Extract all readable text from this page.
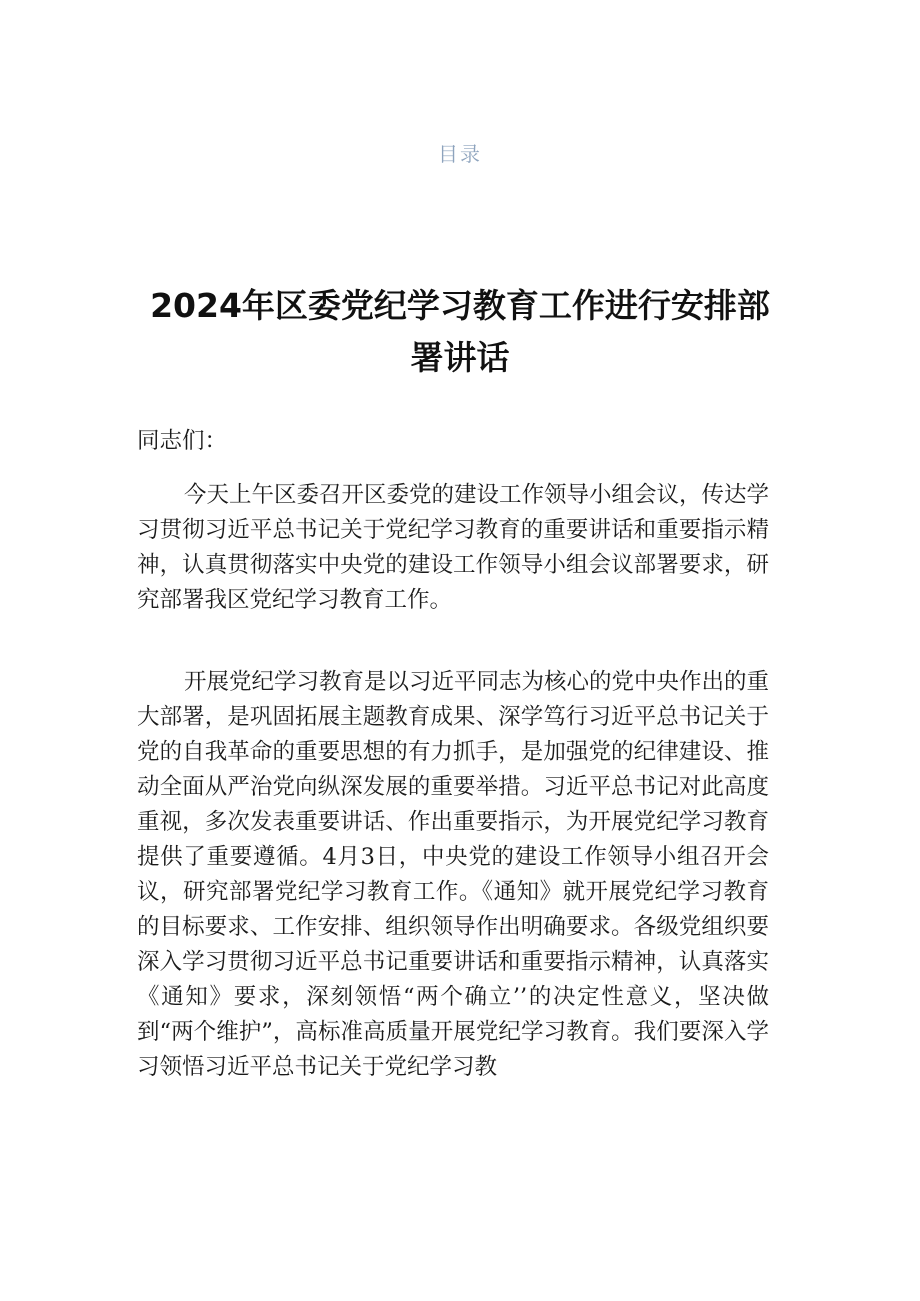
目录
2024年区委党纪学习教育工作进行安排部署讲话
同志们：
今天上午区委召开区委党的建设工作领导小组会议，传达学习贯彻习近平总书记关于党纪学习教育的重要讲话和重要指示精神，认真贯彻落实中央党的建设工作领导小组会议部署要求，研究部署我区党纪学习教育工作。
开展党纪学习教育是以习近平同志为核心的党中央作出的重大部署，是巩固拓展主题教育成果、深学笃行习近平总书记关于党的自我革命的重要思想的有力抓手，是加强党的纪律建设、推动全面从严治党向纵深发展的重要举措。习近平总书记对此高度重视，多次发表重要讲话、作出重要指示，为开展党纪学习教育提供了重要遵循。4月3日，中央党的建设工作领导小组召开会议，研究部署党纪学习教育工作。《通知》就开展党纪学习教育的目标要求、工作安排、组织领导作出明确要求。各级党组织要深入学习贯彻习近平总书记重要讲话和重要指示精神，认真落实《通知》要求，深刻领悟“两个确立’’的决定性意义，坚决做到“两个维护”，高标准高质量开展党纪学习教育。我们要深入学习领悟习近平总书记关于党纪学习教
